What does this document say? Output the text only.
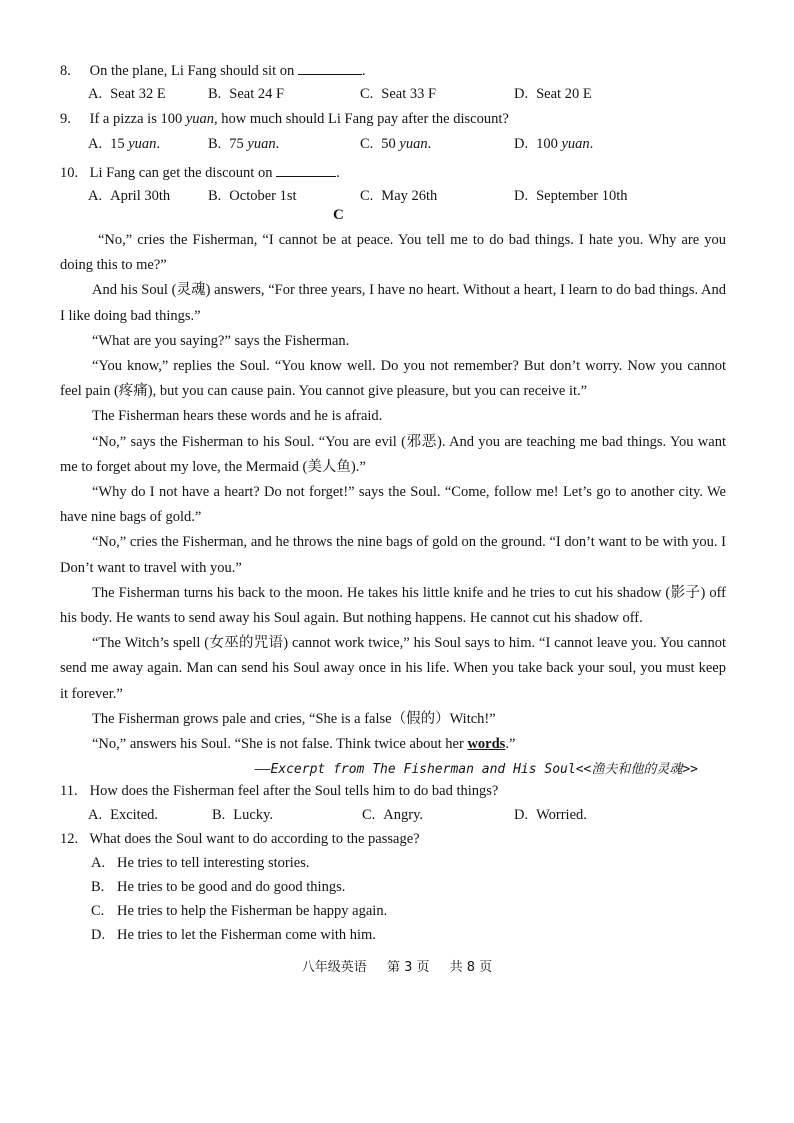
8. On the plane, Li Fang should sit on	.
A. Seat 32 E	B. Seat 24 F	C. Seat 33 F	D. Seat 20 E
9. If a pizza is 100 yuan, how much should Li Fang pay after the discount?
A. 15 yuan.	B. 75 yuan.	C. 50 yuan.	D. 100 yuan.
10. Li Fang can get the discount on	.
A. April 30th	B. October 1st	C. May 26th	D. September 10th
C

“No,” cries the Fisherman, “I cannot be at peace. You tell me to do bad things. I hate you. Why are you doing this to me?”

And his Soul (灵魂) answers, “For three years, I have no heart. Without a heart, I learn to do bad things. And I like doing bad things.”

“What are you saying?” says the Fisherman.

“You know,” replies the Soul. “You know well. Do you not remember? But don’t worry. Now you cannot feel pain (疼痛), but you can cause pain. You cannot give pleasure, but you can receive it.”

The Fisherman hears these words and he is afraid.

“No,” says the Fisherman to his Soul. “You are evil (邪恶). And you are teaching me bad things. You want me to forget about my love, the Mermaid (美人鱼).”

“Why do I not have a heart? Do not forget!” says the Soul. “Come, follow me! Let’s go to another city. We have nine bags of gold.”

“No,” cries the Fisherman, and he throws the nine bags of gold on the ground. “I don’t want to be with you. I Don’t want to travel with you.”

The Fisherman turns his back to the moon. He takes his little knife and he tries to cut his shadow (影子) off his body. He wants to send away his Soul again. But nothing happens. He cannot cut his shadow off.

“The Witch’s spell (女巫的咒语) cannot work twice,” his Soul says to him. “I cannot leave you. You cannot send me away again. Man can send his Soul away once in his life. When you take back your soul, you must keep it forever.”

The Fisherman grows pale and cries, “She is a false（假的）Witch!”

“No,” answers his Soul. “She is not false. Think twice about her words.”

——Excerpt from The Fisherman and His Soul<<渔夫和他的灵魂>>
11. How does the Fisherman feel after the Soul tells him to do bad things?
A. Excited.	B. Lucky.	C. Angry.	D. Worried.
12. What does the Soul want to do according to the passage?
A. He tries to tell interesting stories.
B. He tries to be good and do good things.
C. He tries to help the Fisherman be happy again.
D. He tries to let the Fisherman come with him.
八年级英语 第 3 页 共 8 页
